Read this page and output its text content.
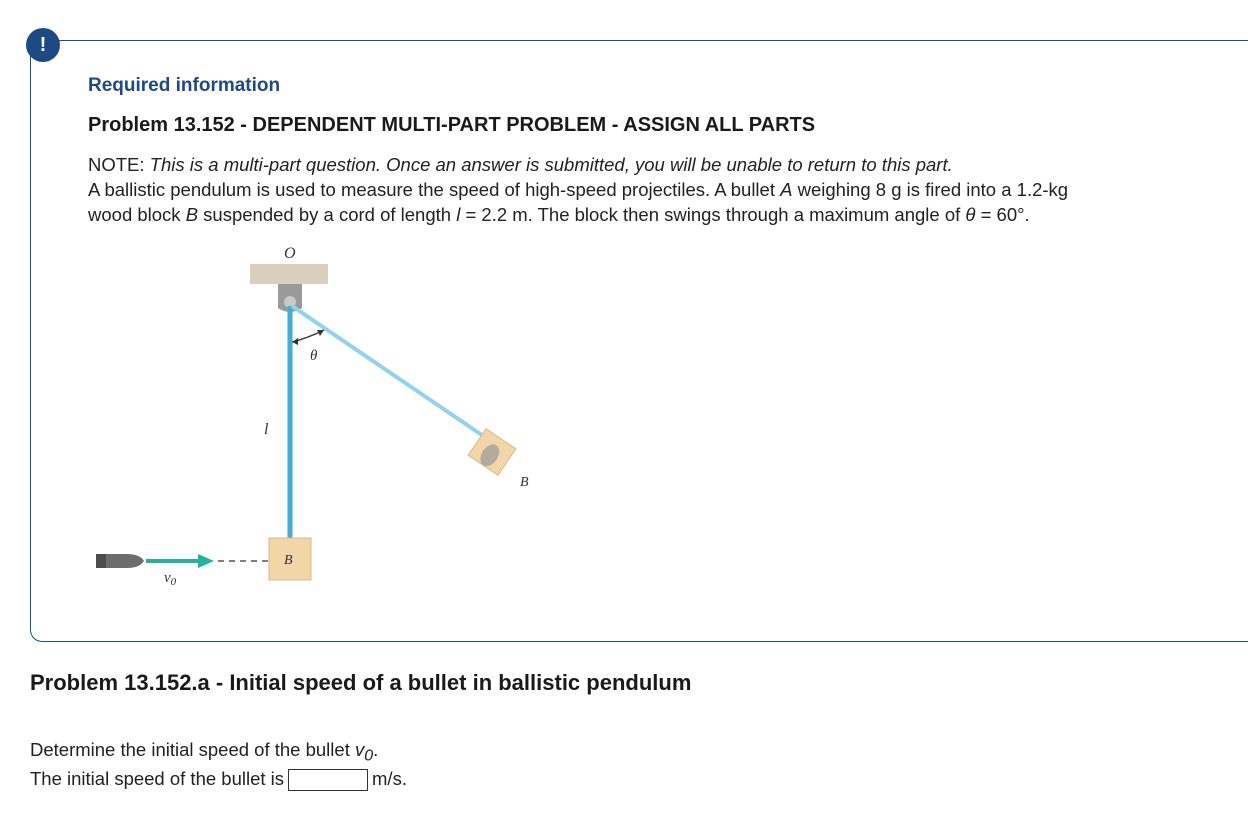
!
Required information
Problem 13.152 - DEPENDENT MULTI-PART PROBLEM - ASSIGN ALL PARTS
NOTE: This is a multi-part question. Once an answer is submitted, you will be unable to return to this part.
A ballistic pendulum is used to measure the speed of high-speed projectiles. A bullet A weighing 8 g is fired into a 1.2-kg
wood block B suspended by a cord of length l = 2.2 m. The block then swings through a maximum angle of θ = 60°.
O
θ
l
B
B
$v_0$
Problem 13.152.a - Initial speed of a bullet in ballistic pendulum
Determine the initial speed of the bullet $v_0$.
The initial speed of the bullet is	m/s.
